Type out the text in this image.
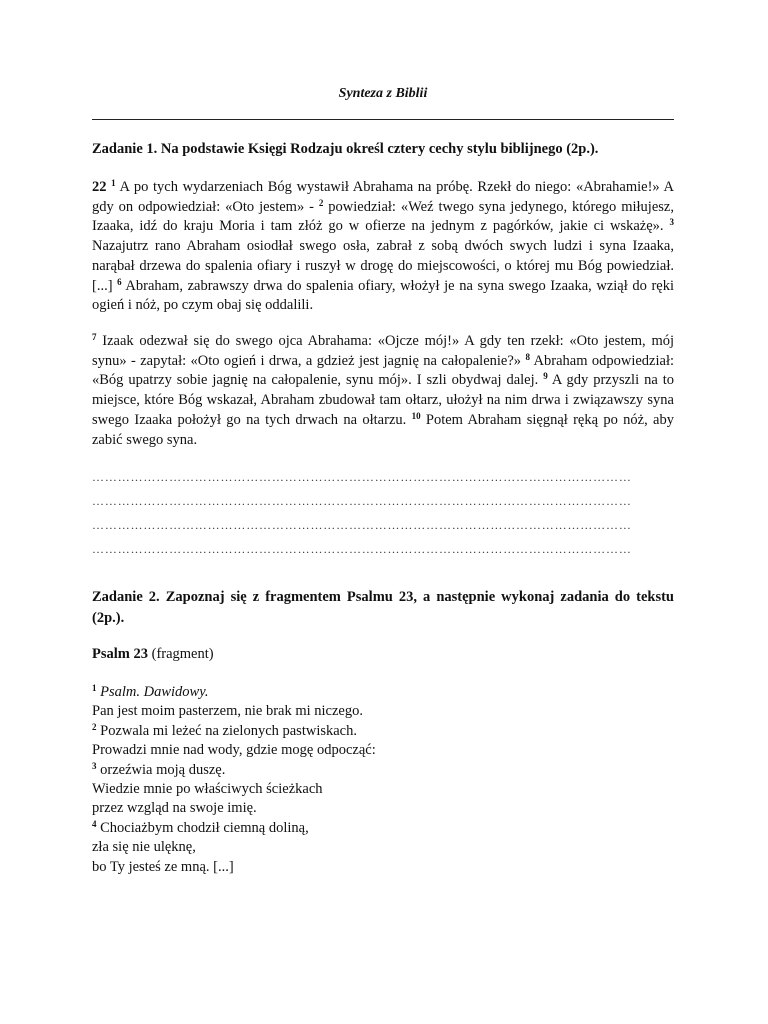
Synteza z Biblii
Zadanie 1. Na podstawie Księgi Rodzaju określ cztery cechy stylu biblijnego (2p.).
22 $^1$ A po tych wydarzeniach Bóg wystawił Abrahama na próbę. Rzekł do niego: «Abrahamie!» A gdy on odpowiedział: «Oto jestem» - $^2$ powiedział: «Weź twego syna jedynego, którego miłujesz, Izaaka, idź do kraju Moria i tam złóż go w ofierze na jednym z pagórków, jakie ci wskażę». $^3$ Nazajutrz rano Abraham osiodłał swego osła, zabrał z sobą dwóch swych ludzi i syna Izaaka, narąbał drzewa do spalenia ofiary i ruszył w drogę do miejscowości, o której mu Bóg powiedział. [...] $^6$ Abraham, zabrawszy drwa do spalenia ofiary, włożył je na syna swego Izaaka, wziął do ręki ogień i nóż, po czym obaj się oddalili.
$^7$ Izaak odezwał się do swego ojca Abrahama: «Ojcze mój!» A gdy ten rzekł: «Oto jestem, mój synu» - zapytał: «Oto ogień i drwa, a gdzież jest jagnię na całopalenie?» $^8$ Abraham odpowiedział: «Bóg upatrzy sobie jagnię na całopalenie, synu mój». I szli obydwaj dalej. $^9$ A gdy przyszli na to miejsce, które Bóg wskazał, Abraham zbudował tam ołtarz, ułożył na nim drwa i związawszy syna swego Izaaka położył go na tych drwach na ołtarzu. $^{10}$ Potem Abraham sięgnął ręką po nóż, aby zabić swego syna.
………………………………………………………………………………………………………………
………………………………………………………………………………………………………………
………………………………………………………………………………………………………………
………………………………………………………………………………………………………………
Zadanie 2. Zapoznaj się z fragmentem Psalmu 23, a następnie wykonaj zadania do tekstu (2p.).
Psalm 23 (fragment)
$^1$ Psalm. Dawidowy.
Pan jest moim pasterzem, nie brak mi niczego.
$^2$ Pozwala mi leżeć na zielonych pastwiskach.
Prowadzi mnie nad wody, gdzie mogę odpocząć:
$^3$ orzeźwia moją duszę.
Wiedzie mnie po właściwych ścieżkach
przez wzgląd na swoje imię.
$^4$ Chociażbym chodził ciemną doliną,
zła się nie ulęknę,
bo Ty jesteś ze mną. [...]
